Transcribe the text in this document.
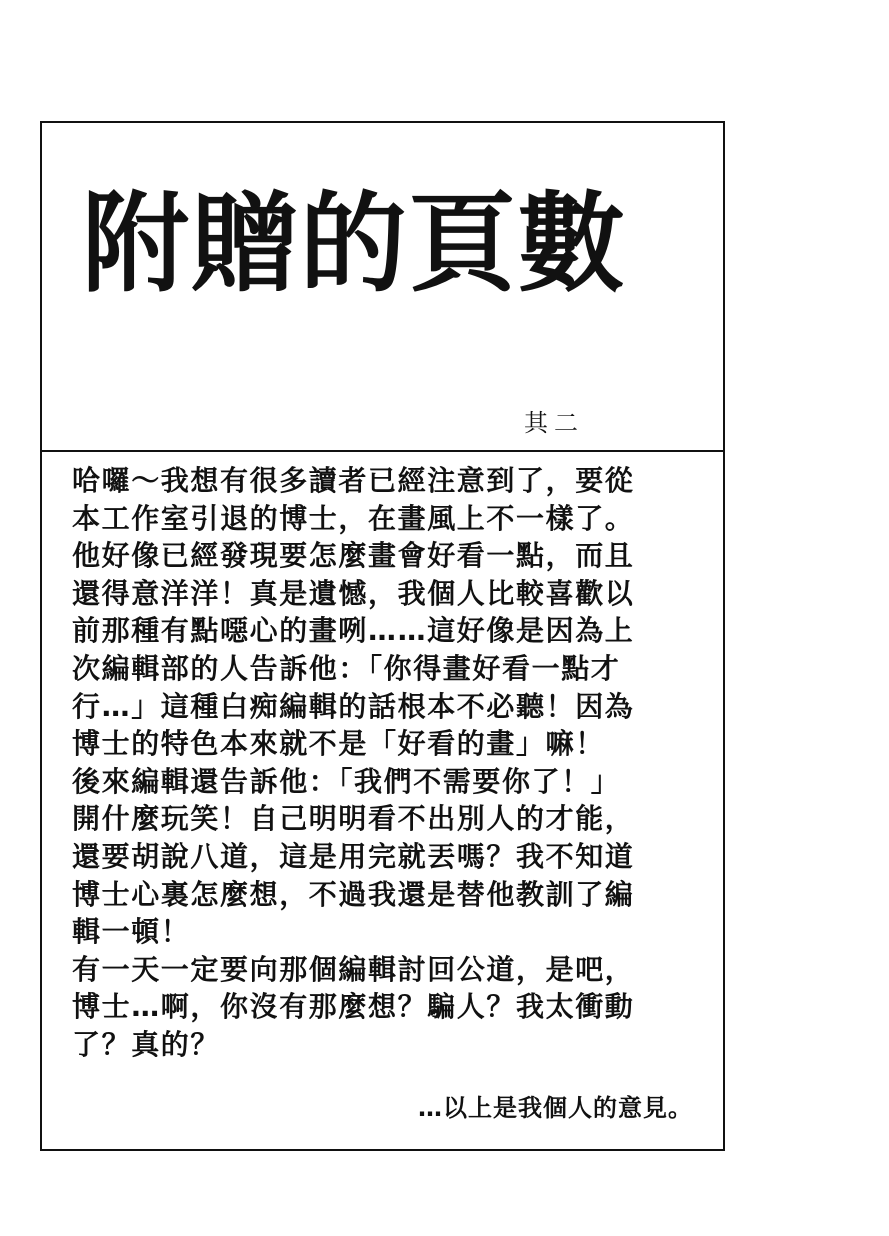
附贈的頁數
其二
哈囉～我想有很多讀者已經注意到了，要從
本工作室引退的博士，在畫風上不一樣了。
他好像已經發現要怎麼畫會好看一點，而且
還得意洋洋！真是遺憾，我個人比較喜歡以
前那種有點噁心的畫咧……這好像是因為上
次編輯部的人告訴他：「你得畫好看一點才
行…」這種白痴編輯的話根本不必聽！因為
博士的特色本來就不是「好看的畫」嘛！
後來編輯還告訴他：「我們不需要你了！」
開什麼玩笑！自己明明看不出別人的才能，
還要胡說八道，這是用完就丟嗎？我不知道
博士心裏怎麼想，不過我還是替他教訓了編
輯一頓！
有一天一定要向那個編輯討回公道，是吧，
博士…啊，你沒有那麼想？騙人？我太衝動
了？真的？
…以上是我個人的意見。
